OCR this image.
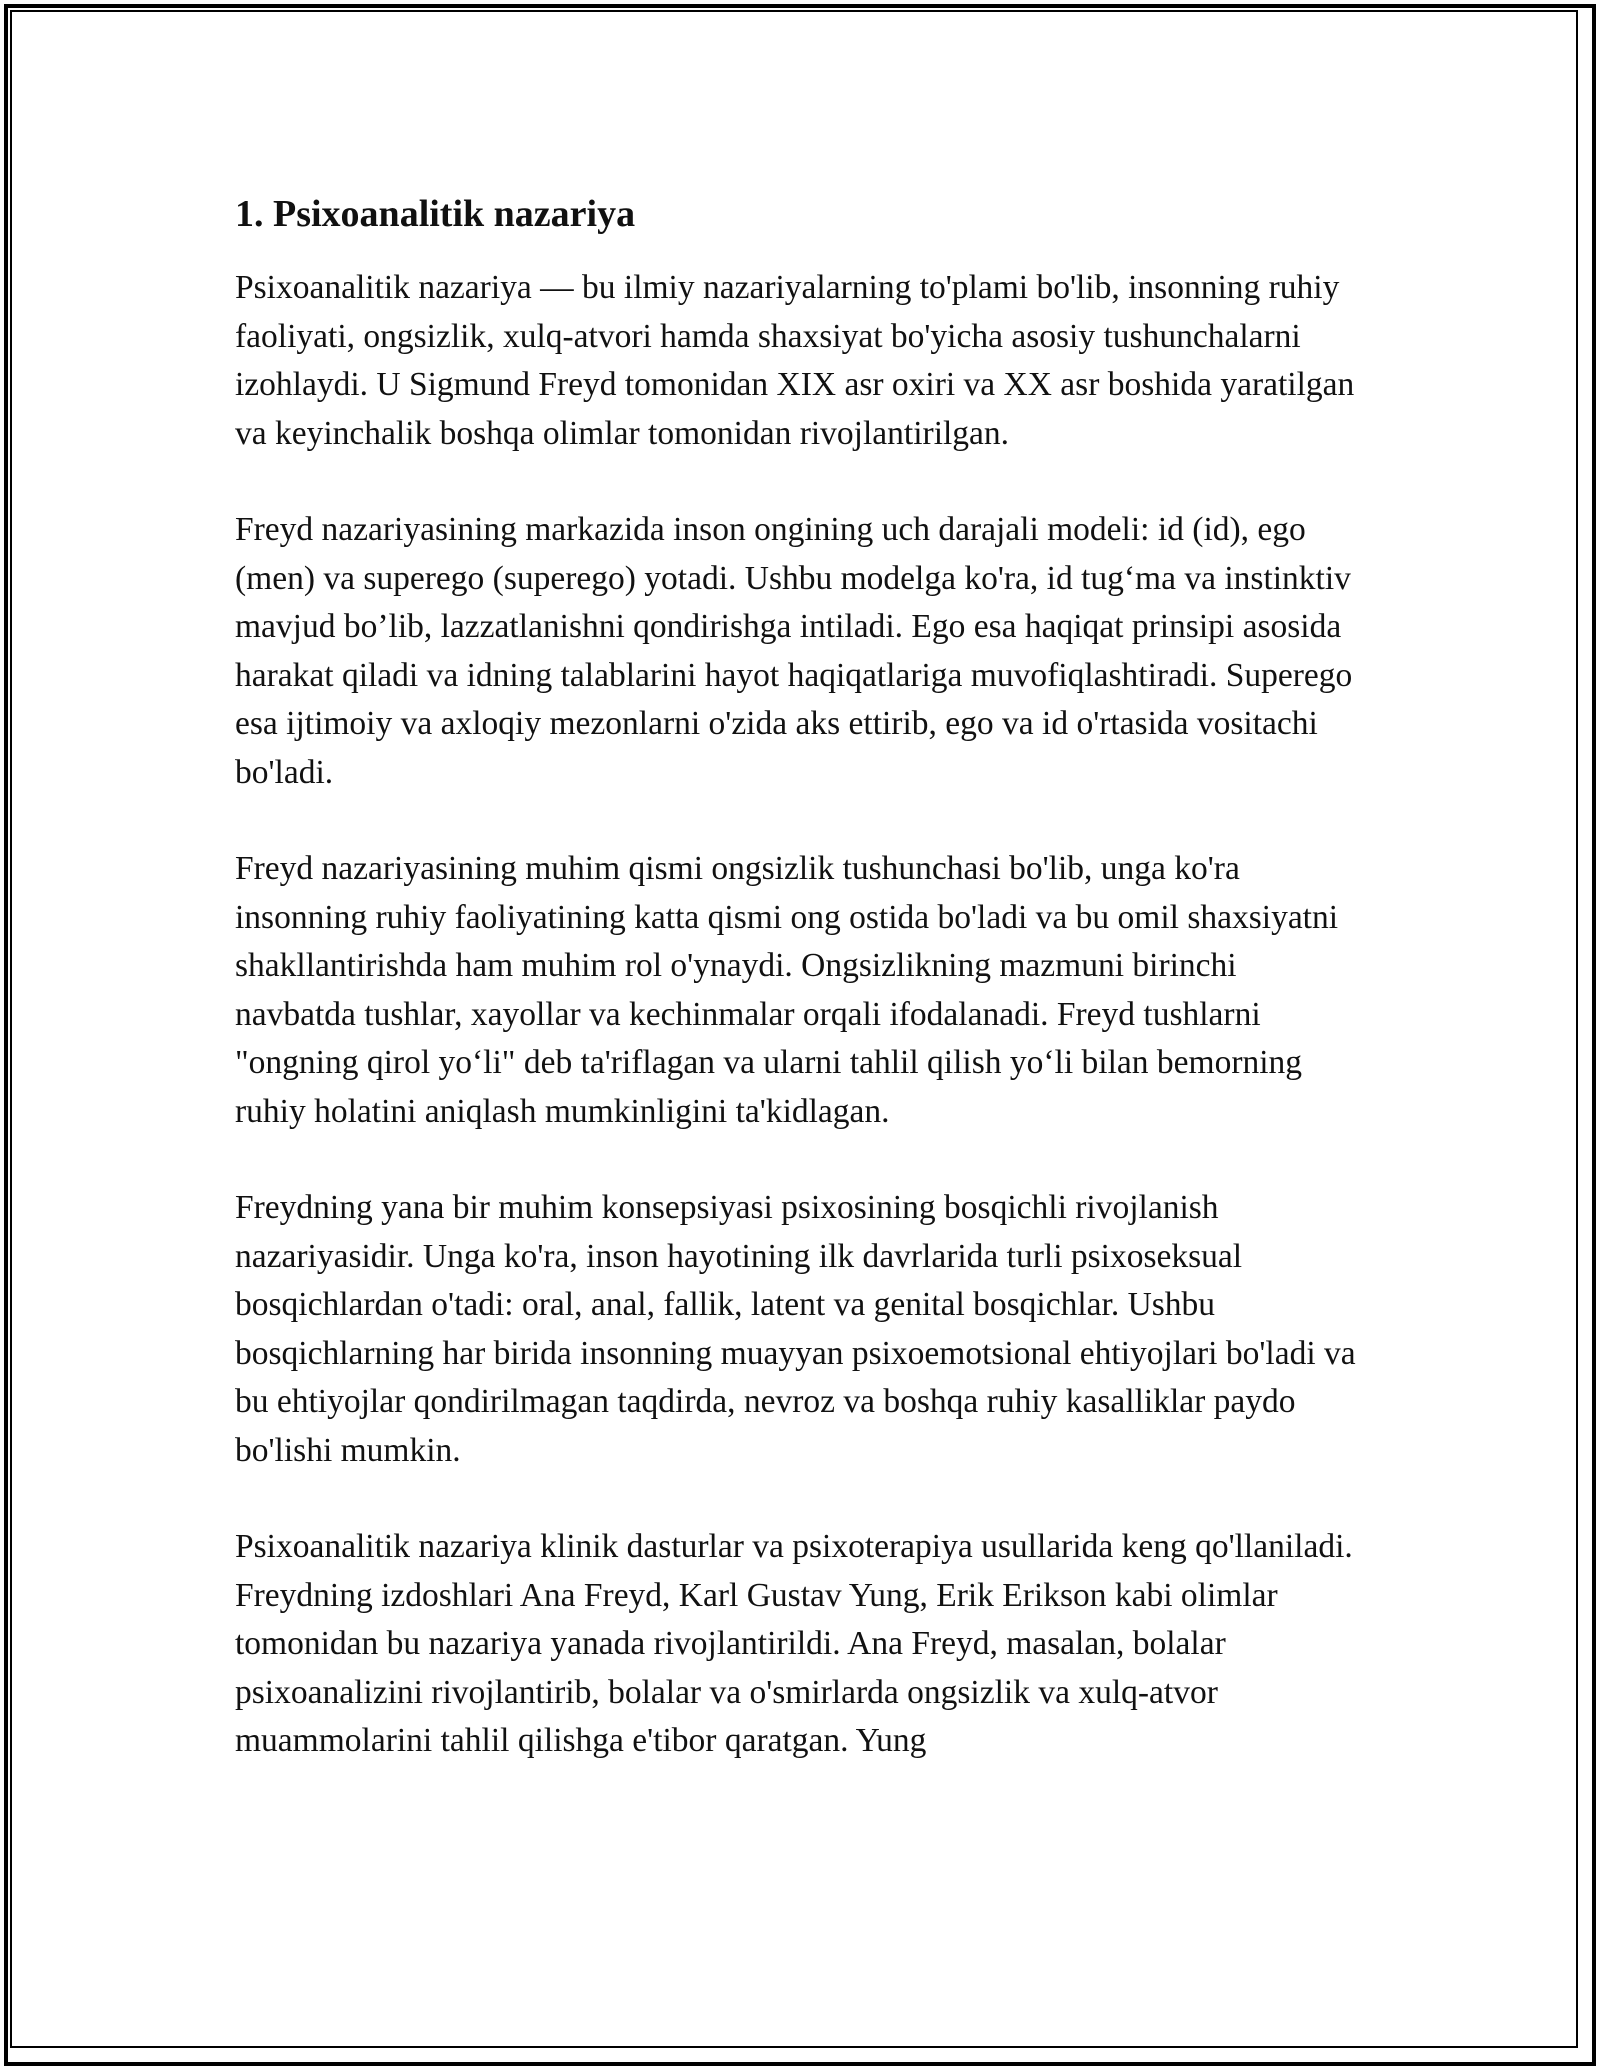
1. Psixoanalitik nazariya

Psixoanalitik nazariya — bu ilmiy nazariyalarning to'plami bo'lib, insonning ruhiy faoliyati, ongsizlik, xulq-atvori hamda shaxsiyat bo'yicha asosiy tushunchalarni izohlaydi. U Sigmund Freyd tomonidan XIX asr oxiri va XX asr boshida yaratilgan va keyinchalik boshqa olimlar tomonidan rivojlantirilgan.

Freyd nazariyasining markazida inson ongining uch darajali modeli: id (id), ego (men) va superego (superego) yotadi. Ushbu modelga ko'ra, id tug‘ma va instinktiv mavjud bo’lib, lazzatlanishni qondirishga intiladi. Ego esa haqiqat prinsipi asosida harakat qiladi va idning talablarini hayot haqiqatlariga muvofiqlashtiradi. Superego esa ijtimoiy va axloqiy mezonlarni o'zida aks ettirib, ego va id o'rtasida vositachi bo'ladi.

Freyd nazariyasining muhim qismi ongsizlik tushunchasi bo'lib, unga ko'ra insonning ruhiy faoliyatining katta qismi ong ostida bo'ladi va bu omil shaxsiyatni shakllantirishda ham muhim rol o'ynaydi. Ongsizlikning mazmuni birinchi navbatda tushlar, xayollar va kechinmalar orqali ifodalanadi. Freyd tushlarni "ongning qirol yo‘li" deb ta'riflagan va ularni tahlil qilish yo‘li bilan bemorning ruhiy holatini aniqlash mumkinligini ta'kidlagan.

Freydning yana bir muhim konsepsiyasi psixosining bosqichli rivojlanish nazariyasidir. Unga ko'ra, inson hayotining ilk davrlarida turli psixoseksual bosqichlardan o'tadi: oral, anal, fallik, latent va genital bosqichlar. Ushbu bosqichlarning har birida insonning muayyan psixoemotsional ehtiyojlari bo'ladi va bu ehtiyojlar qondirilmagan taqdirda, nevroz va boshqa ruhiy kasalliklar paydo bo'lishi mumkin.

Psixoanalitik nazariya klinik dasturlar va psixoterapiya usullarida keng qo'llaniladi. Freydning izdoshlari Ana Freyd, Karl Gustav Yung, Erik Erikson kabi olimlar tomonidan bu nazariya yanada rivojlantirildi. Ana Freyd, masalan, bolalar psixoanalizini rivojlantirib, bolalar va o'smirlarda ongsizlik va xulq-atvor muammolarini tahlil qilishga e'tibor qaratgan. Yung
